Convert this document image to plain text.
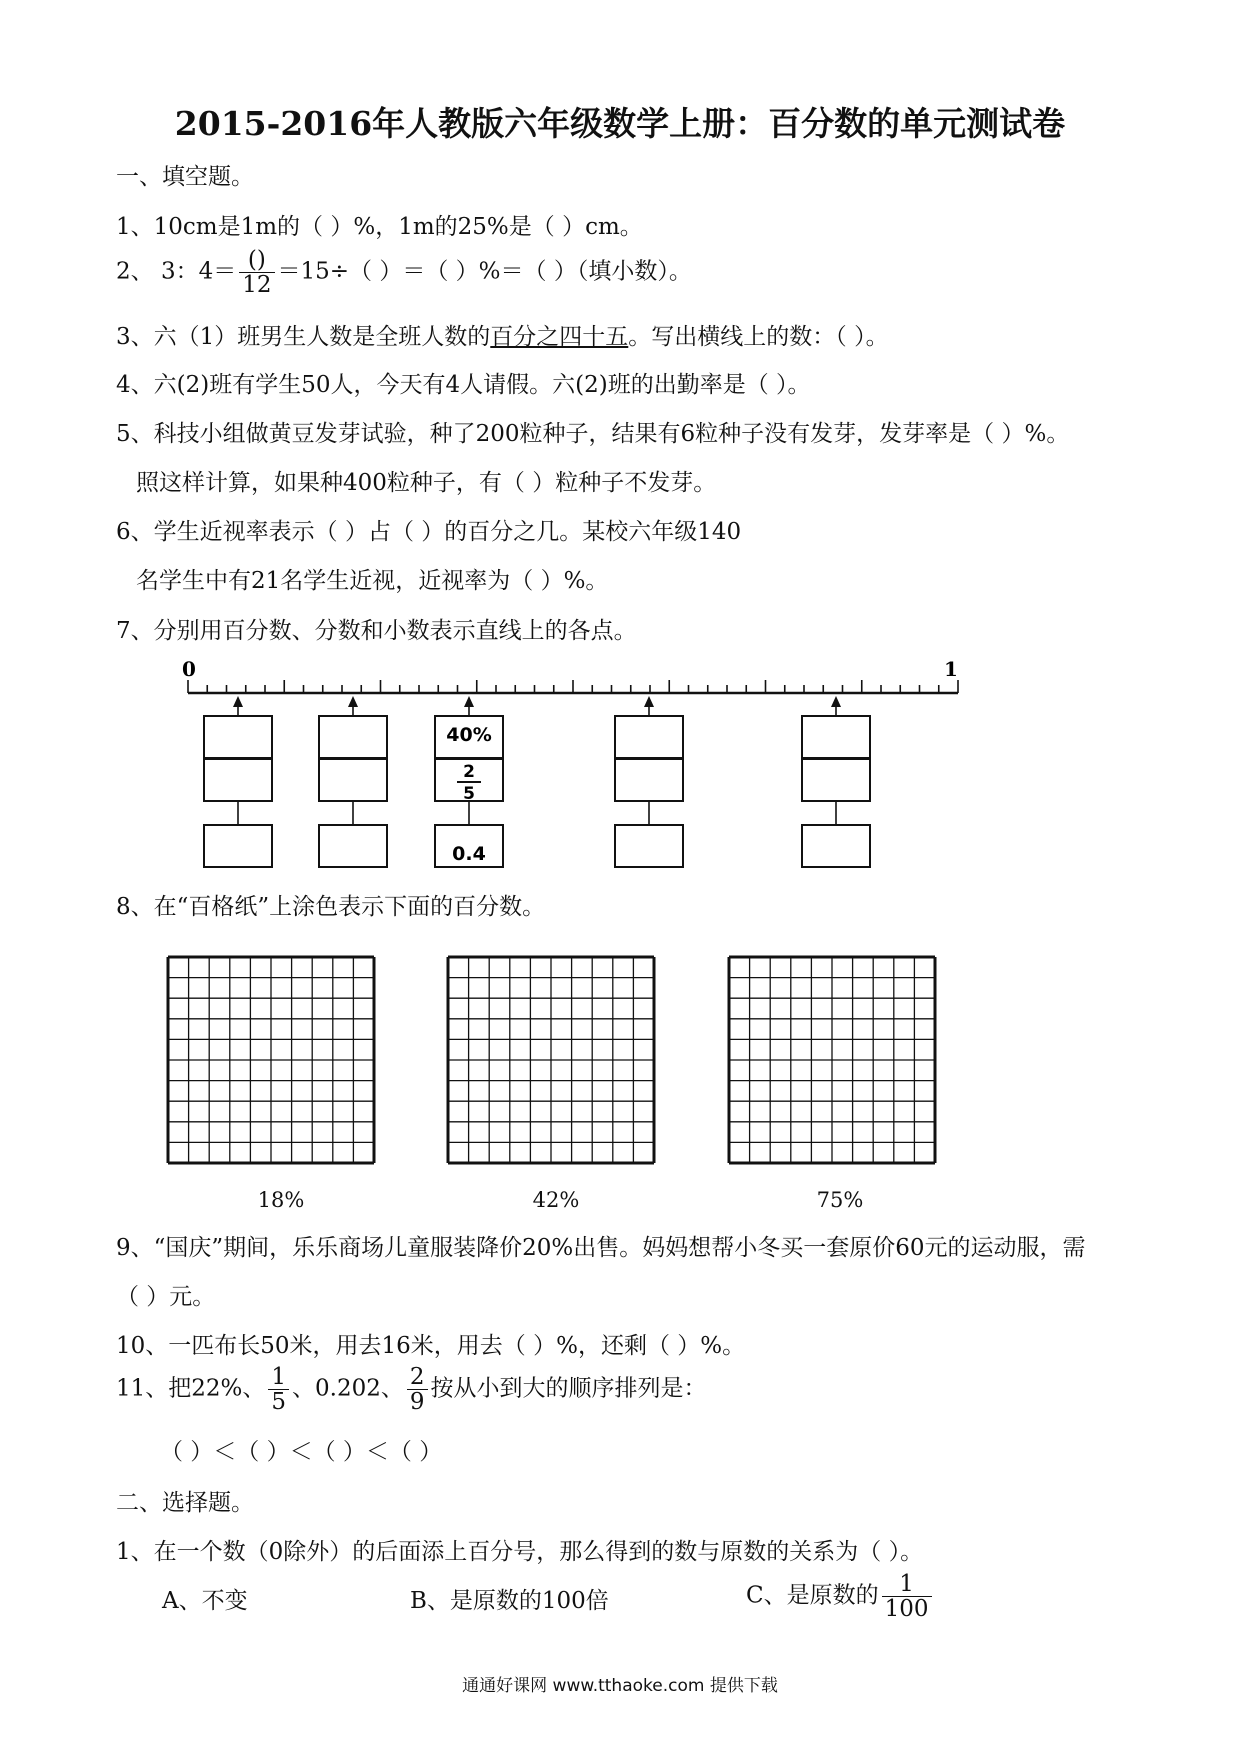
2015-2016年人教版六年级数学上册：百分数的单元测试卷
一、填空题。
1、10cm是1m的（ ）%，1m的25%是（ ）cm。
2、 3：$4= \frac{()}{12} =15\div$（ ）＝（ ）%＝（ ）（填小数）。
3、六（1）班男生人数是全班人数的百分之四十五。写出横线上的数：（ ）。
4、六(2)班有学生50人，今天有4人请假。六(2)班的出勤率是（ ）。
5、科技小组做黄豆发芽试验，种了200粒种子，结果有6粒种子没有发芽，发芽率是（ ）%。
照这样计算，如果种400粒种子，有（ ）粒种子不发芽。
6、学生近视率表示（ ）占（ ）的百分之几。某校六年级140
名学生中有21名学生近视，近视率为（ ）%。
7、分别用百分数、分数和小数表示直线上的各点。
0	1
40%
2
5
0.4
8、在“百格纸”上涂色表示下面的百分数。
18%	42%	75%
9、“国庆”期间，乐乐商场儿童服装降价20%出售。妈妈想帮小冬买一套原价60元的运动服，需
（ ）元。
10、一匹布长50米，用去16米，用去（ ）%，还剩（ ）%。
11、把22%、 $\frac{1}{5}$ 、0.202、 $\frac{2}{9}$ 按从小到大的顺序排列是：
（ ）＜（ ）＜（ ）＜（ ）
二、选择题。
1、在一个数（0除外）的后面添上百分号，那么得到的数与原数的关系为（ ）。
A、不变	B、是原数的100倍	C、是原数的 $\frac{1}{100}$
通通好课网 www.tthaoke.com 提供下载
